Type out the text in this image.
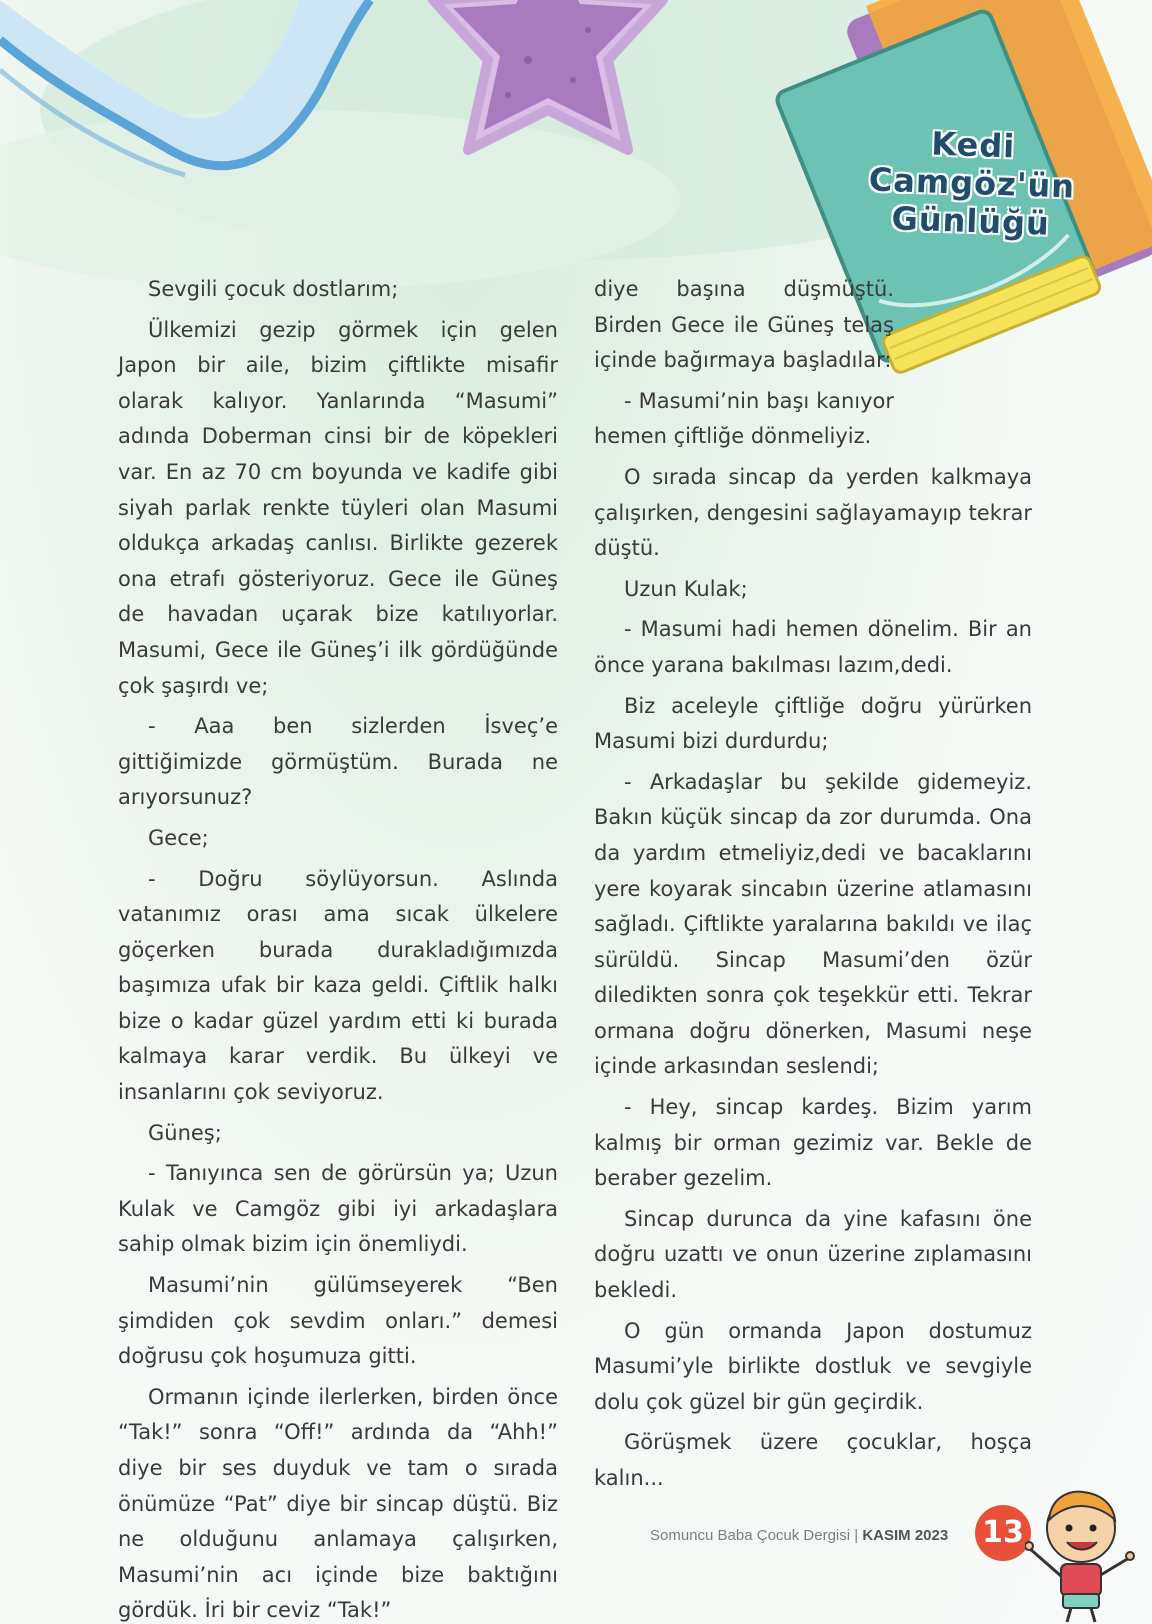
Kedi
Camgöz'ün
Günlüğü

Sevgili çocuk dostlarım;

Ülkemizi gezip görmek için gelen Japon bir aile, bizim çiftlikte misafir olarak kalıyor. Yanlarında “Masumi” adında Doberman cinsi bir de köpekleri var. En az 70 cm boyunda ve kadife gibi siyah parlak renkte tüyleri olan Masumi oldukça arkadaş canlısı. Birlikte gezerek ona etrafı gösteriyoruz. Gece ile Güneş de havadan uçarak bize katılıyorlar. Masumi, Gece ile Güneş’i ilk gördüğünde çok şaşırdı ve;

- Aaa ben sizlerden İsveç’e gittiğimizde görmüştüm. Burada ne arıyorsunuz?

Gece;

- Doğru söylüyorsun. Aslında vatanımız orası ama sıcak ülkelere göçerken burada durakladığımızda başımıza ufak bir kaza geldi. Çiftlik halkı bize o kadar güzel yardım etti ki burada kalmaya karar verdik. Bu ülkeyi ve insanlarını çok seviyoruz.

Güneş;

- Tanıyınca sen de görürsün ya; Uzun Kulak ve Camgöz gibi iyi arkadaşlara sahip olmak bizim için önemliydi.

Masumi’nin gülümseyerek “Ben şimdiden çok sevdim onları.” demesi doğrusu çok hoşumuza gitti.

Ormanın içinde ilerlerken, birden önce “Tak!” sonra “Off!” ardında da “Ahh!” diye bir ses duyduk ve tam o sırada önümüze “Pat” diye bir sincap düştü. Biz ne olduğunu anlamaya çalışırken, Masumi’nin acı içinde bize baktığını gördük. İri bir ceviz “Tak!”

diye başına düşmüştü. Birden Gece ile Güneş telaş içinde bağırmaya başladılar:

- Masumi’nin başı kanıyor hemen çiftliğe dönmeliyiz.

O sırada sincap da yerden kalkmaya çalışırken, dengesini sağlayamayıp tekrar düştü.

Uzun Kulak;

- Masumi hadi hemen dönelim. Bir an önce yarana bakılması lazım,dedi.

Biz aceleyle çiftliğe doğru yürürken Masumi bizi durdurdu;

- Arkadaşlar bu şekilde gidemeyiz. Bakın küçük sincap da zor durumda. Ona da yardım etmeliyiz,dedi ve bacaklarını yere koyarak sincabın üzerine atlamasını sağladı. Çiftlikte yaralarına bakıldı ve ilaç sürüldü. Sincap Masumi’den özür diledikten sonra çok teşekkür etti. Tekrar ormana doğru dönerken, Masumi neşe içinde arkasından seslendi;

- Hey, sincap kardeş. Bizim yarım kalmış bir orman gezimiz var. Bekle de beraber gezelim.

Sincap durunca da yine kafasını öne doğru uzattı ve onun üzerine zıplamasını bekledi.

O gün ormanda Japon dostumuz Masumi’yle birlikte dostluk ve sevgiyle dolu çok güzel bir gün geçirdik.

Görüşmek üzere çocuklar, hoşça kalın...

Somuncu Baba Çocuk Dergisi | KASIM 2023 13
